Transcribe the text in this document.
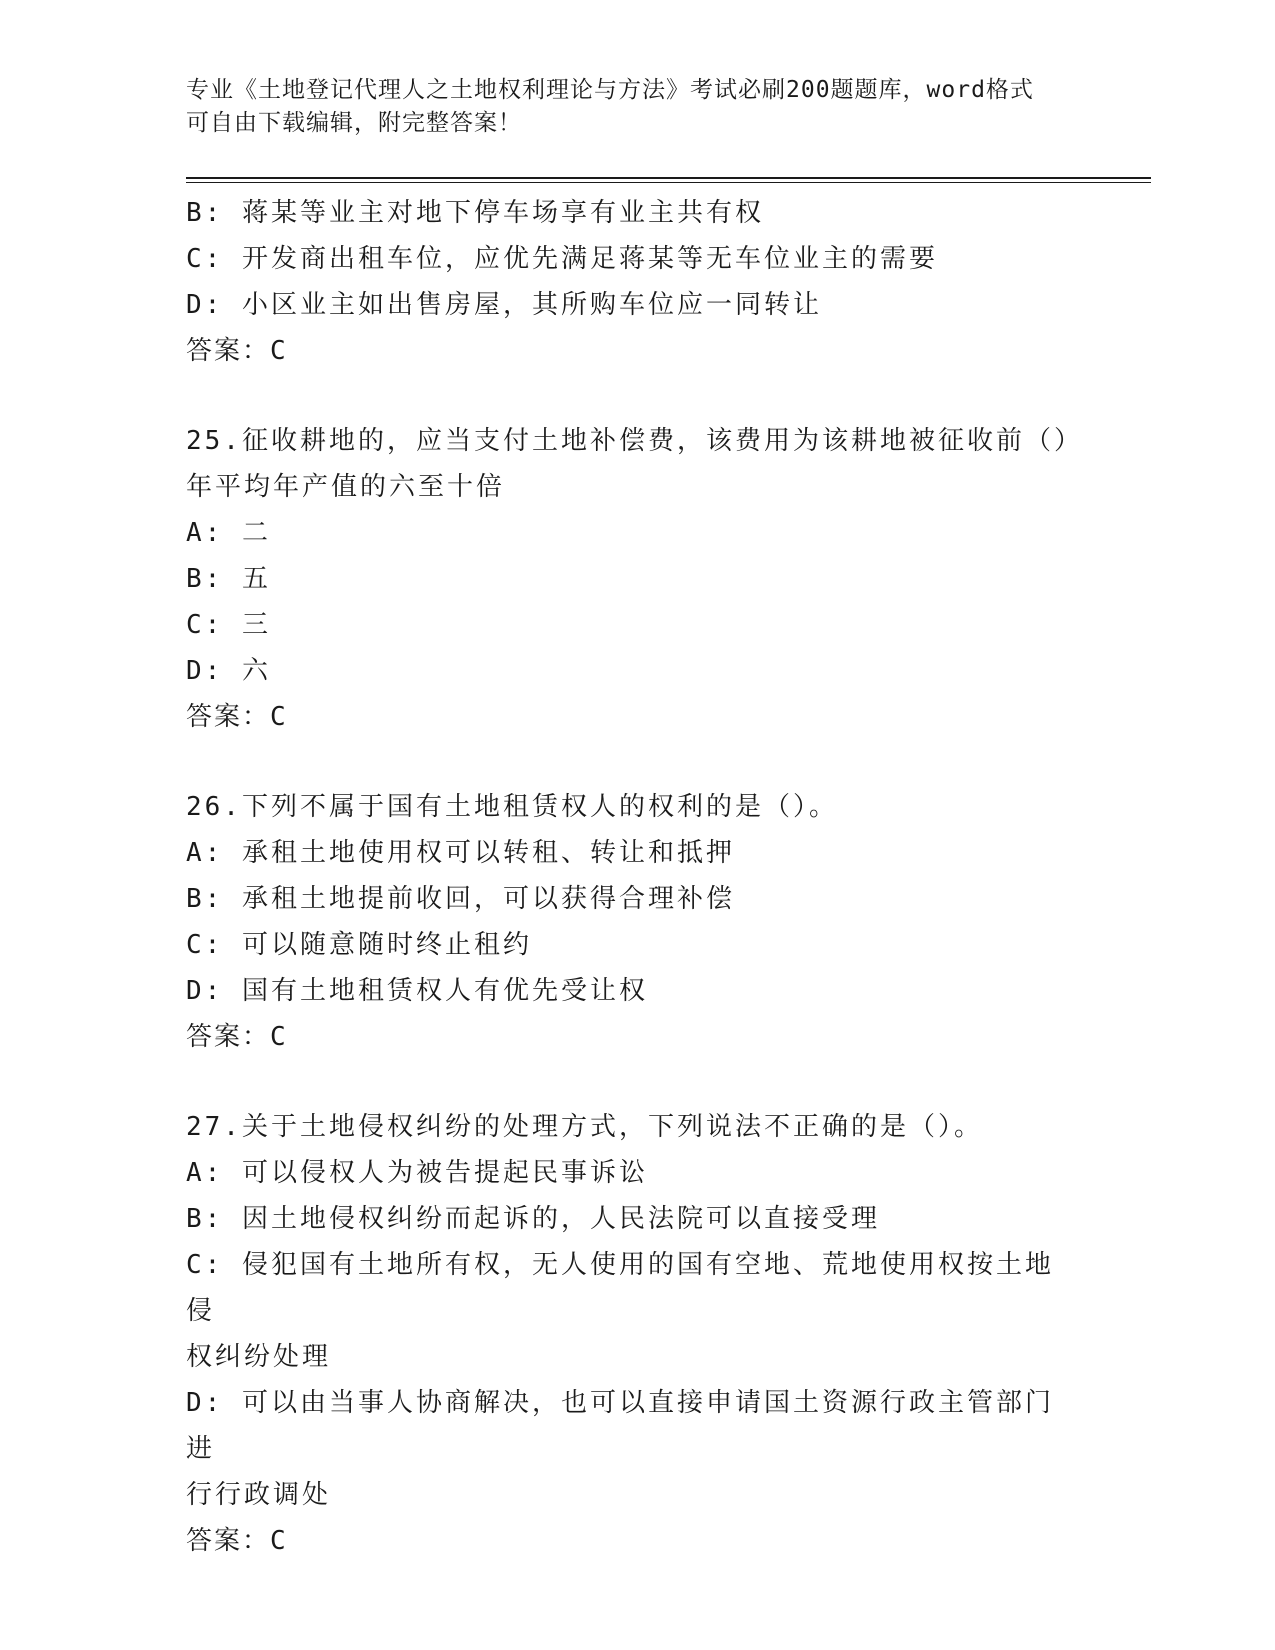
专业《土地登记代理人之土地权利理论与方法》考试必刷200题题库，word格式
可自由下载编辑，附完整答案！
B: 蒋某等业主对地下停车场享有业主共有权
C: 开发商出租车位，应优先满足蒋某等无车位业主的需要
D: 小区业主如出售房屋，其所购车位应一同转让
答案：C
25.征收耕地的，应当支付土地补偿费，该费用为该耕地被征收前（）
年平均年产值的六至十倍
A: 二
B: 五
C: 三
D: 六
答案：C
26.下列不属于国有土地租赁权人的权利的是（）。
A: 承租土地使用权可以转租、转让和抵押
B: 承租土地提前收回，可以获得合理补偿
C: 可以随意随时终止租约
D: 国有土地租赁权人有优先受让权
答案：C
27.关于土地侵权纠纷的处理方式，下列说法不正确的是（）。
A: 可以侵权人为被告提起民事诉讼
B: 因土地侵权纠纷而起诉的，人民法院可以直接受理
C: 侵犯国有土地所有权，无人使用的国有空地、荒地使用权按土地侵
权纠纷处理
D: 可以由当事人协商解决，也可以直接申请国土资源行政主管部门进
行行政调处
答案：C
